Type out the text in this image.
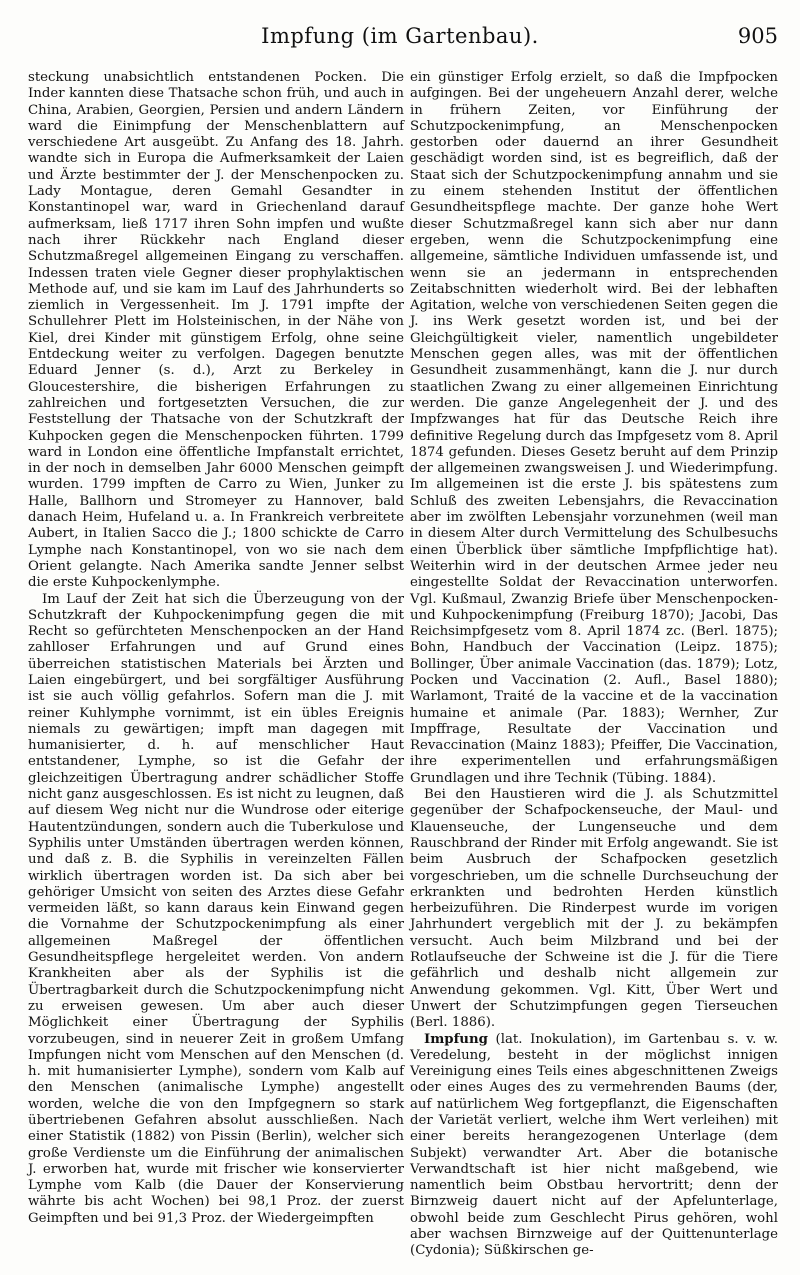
Impfung (im Gartenbau).	905

steckung unabsichtlich entstandenen Pocken. Die Inder kannten diese Thatsache schon früh, und auch in China, Arabien, Georgien, Persien und andern Ländern ward die Einimpfung der Menschenblattern auf verschiedene Art ausgeübt. Zu Anfang des 18. Jahrh. wandte sich in Europa die Aufmerksamkeit der Laien und Ärzte bestimmter der J. der Menschenpocken zu. Lady Montague, deren Gemahl Gesandter in Konstantinopel war, ward in Griechenland darauf aufmerksam, ließ 1717 ihren Sohn impfen und wußte nach ihrer Rückkehr nach England dieser Schutzmaßregel allgemeinen Eingang zu verschaffen. Indessen traten viele Gegner dieser prophylaktischen Methode auf, und sie kam im Lauf des Jahrhunderts so ziemlich in Vergessenheit. Im J. 1791 impfte der Schullehrer Plett im Holsteinischen, in der Nähe von Kiel, drei Kinder mit günstigem Erfolg, ohne seine Entdeckung weiter zu verfolgen. Dagegen benutzte Eduard Jenner (s. d.), Arzt zu Berkeley in Gloucestershire, die bisherigen Erfahrungen zu zahlreichen und fortgesetzten Versuchen, die zur Feststellung der Thatsache von der Schutzkraft der Kuhpocken gegen die Menschenpocken führten. 1799 ward in London eine öffentliche Impfanstalt errichtet, in der noch in demselben Jahr 6000 Menschen geimpft wurden. 1799 impften de Carro zu Wien, Junker zu Halle, Ballhorn und Stromeyer zu Hannover, bald danach Heim, Hufeland u. a. In Frankreich verbreitete Aubert, in Italien Sacco die J.; 1800 schickte de Carro Lymphe nach Konstantinopel, von wo sie nach dem Orient gelangte. Nach Amerika sandte Jenner selbst die erste Kuhpockenlymphe.

Im Lauf der Zeit hat sich die Überzeugung von der Schutzkraft der Kuhpockenimpfung gegen die mit Recht so gefürchteten Menschenpocken an der Hand zahlloser Erfahrungen und auf Grund eines überreichen statistischen Materials bei Ärzten und Laien eingebürgert, und bei sorgfältiger Ausführung ist sie auch völlig gefahrlos. Sofern man die J. mit reiner Kuhlymphe vornimmt, ist ein übles Ereignis niemals zu gewärtigen; impft man dagegen mit humanisierter, d. h. auf menschlicher Haut entstandener, Lymphe, so ist die Gefahr der gleichzeitigen Übertragung andrer schädlicher Stoffe nicht ganz ausgeschlossen. Es ist nicht zu leugnen, daß auf diesem Weg nicht nur die Wundrose oder eiterige Hautentzündungen, sondern auch die Tuberkulose und Syphilis unter Umständen übertragen werden können, und daß z. B. die Syphilis in vereinzelten Fällen wirklich übertragen worden ist. Da sich aber bei gehöriger Umsicht von seiten des Arztes diese Gefahr vermeiden läßt, so kann daraus kein Einwand gegen die Vornahme der Schutzpockenimpfung als einer allgemeinen Maßregel der öffentlichen Gesundheitspflege hergeleitet werden. Von andern Krankheiten aber als der Syphilis ist die Übertragbarkeit durch die Schutzpockenimpfung nicht zu erweisen gewesen. Um aber auch dieser Möglichkeit einer Übertragung der Syphilis vorzubeugen, sind in neuerer Zeit in großem Umfang Impfungen nicht vom Menschen auf den Menschen (d. h. mit humanisierter Lymphe), sondern vom Kalb auf den Menschen (animalische Lymphe) angestellt worden, welche die von den Impfgegnern so stark übertriebenen Gefahren absolut ausschließen. Nach einer Statistik (1882) von Pissin (Berlin), welcher sich große Verdienste um die Einführung der animalischen J. erworben hat, wurde mit frischer wie konservierter Lymphe vom Kalb (die Dauer der Konservierung währte bis acht Wochen) bei 98,1 Proz. der zuerst Geimpften und bei 91,3 Proz. der Wiedergeimpften

ein günstiger Erfolg erzielt, so daß die Impfpocken aufgingen. Bei der ungeheuern Anzahl derer, welche in frühern Zeiten, vor Einführung der Schutzpockenimpfung, an Menschenpocken gestorben oder dauernd an ihrer Gesundheit geschädigt worden sind, ist es begreiflich, daß der Staat sich der Schutzpockenimpfung annahm und sie zu einem stehenden Institut der öffentlichen Gesundheitspflege machte. Der ganze hohe Wert dieser Schutzmaßregel kann sich aber nur dann ergeben, wenn die Schutzpockenimpfung eine allgemeine, sämtliche Individuen umfassende ist, und wenn sie an jedermann in entsprechenden Zeitabschnitten wiederholt wird. Bei der lebhaften Agitation, welche von verschiedenen Seiten gegen die J. ins Werk gesetzt worden ist, und bei der Gleichgültigkeit vieler, namentlich ungebildeter Menschen gegen alles, was mit der öffentlichen Gesundheit zusammenhängt, kann die J. nur durch staatlichen Zwang zu einer allgemeinen Einrichtung werden. Die ganze Angelegenheit der J. und des Impfzwanges hat für das Deutsche Reich ihre definitive Regelung durch das Impfgesetz vom 8. April 1874 gefunden. Dieses Gesetz beruht auf dem Prinzip der allgemeinen zwangsweisen J. und Wiederimpfung. Im allgemeinen ist die erste J. bis spätestens zum Schluß des zweiten Lebensjahrs, die Revaccination aber im zwölften Lebensjahr vorzunehmen (weil man in diesem Alter durch Vermittelung des Schulbesuchs einen Überblick über sämtliche Impfpflichtige hat). Weiterhin wird in der deutschen Armee jeder neu eingestellte Soldat der Revaccination unterworfen. Vgl. Kußmaul, Zwanzig Briefe über Menschenpocken- und Kuhpockenimpfung (Freiburg 1870); Jacobi, Das Reichsimpfgesetz vom 8. April 1874 zc. (Berl. 1875); Bohn, Handbuch der Vaccination (Leipz. 1875); Bollinger, Über animale Vaccination (das. 1879); Lotz, Pocken und Vaccination (2. Aufl., Basel 1880); Warlamont, Traité de la vaccine et de la vaccination humaine et animale (Par. 1883); Wernher, Zur Impffrage, Resultate der Vaccination und Revaccination (Mainz 1883); Pfeiffer, Die Vaccination, ihre experimentellen und erfahrungsmäßigen Grundlagen und ihre Technik (Tübing. 1884).

Bei den Haustieren wird die J. als Schutzmittel gegenüber der Schafpockenseuche, der Maul- und Klauenseuche, der Lungenseuche und dem Rauschbrand der Rinder mit Erfolg angewandt. Sie ist beim Ausbruch der Schafpocken gesetzlich vorgeschrieben, um die schnelle Durchseuchung der erkrankten und bedrohten Herden künstlich herbeizuführen. Die Rinderpest wurde im vorigen Jahrhundert vergeblich mit der J. zu bekämpfen versucht. Auch beim Milzbrand und bei der Rotlaufseuche der Schweine ist die J. für die Tiere gefährlich und deshalb nicht allgemein zur Anwendung gekommen. Vgl. Kitt, Über Wert und Unwert der Schutzimpfungen gegen Tierseuchen (Berl. 1886).

Impfung (lat. Inokulation), im Gartenbau s. v. w. Veredelung, besteht in der möglichst innigen Vereinigung eines Teils eines abgeschnittenen Zweigs oder eines Auges des zu vermehrenden Baums (der, auf natürlichem Weg fortgepflanzt, die Eigenschaften der Varietät verliert, welche ihm Wert verleihen) mit einer bereits herangezogenen Unterlage (dem Subjekt) verwandter Art. Aber die botanische Verwandtschaft ist hier nicht maßgebend, wie namentlich beim Obstbau hervortritt; denn der Birnzweig dauert nicht auf der Apfelunterlage, obwohl beide zum Geschlecht Pirus gehören, wohl aber wachsen Birnzweige auf der Quittenunterlage (Cydonia); Süßkirschen ge-
